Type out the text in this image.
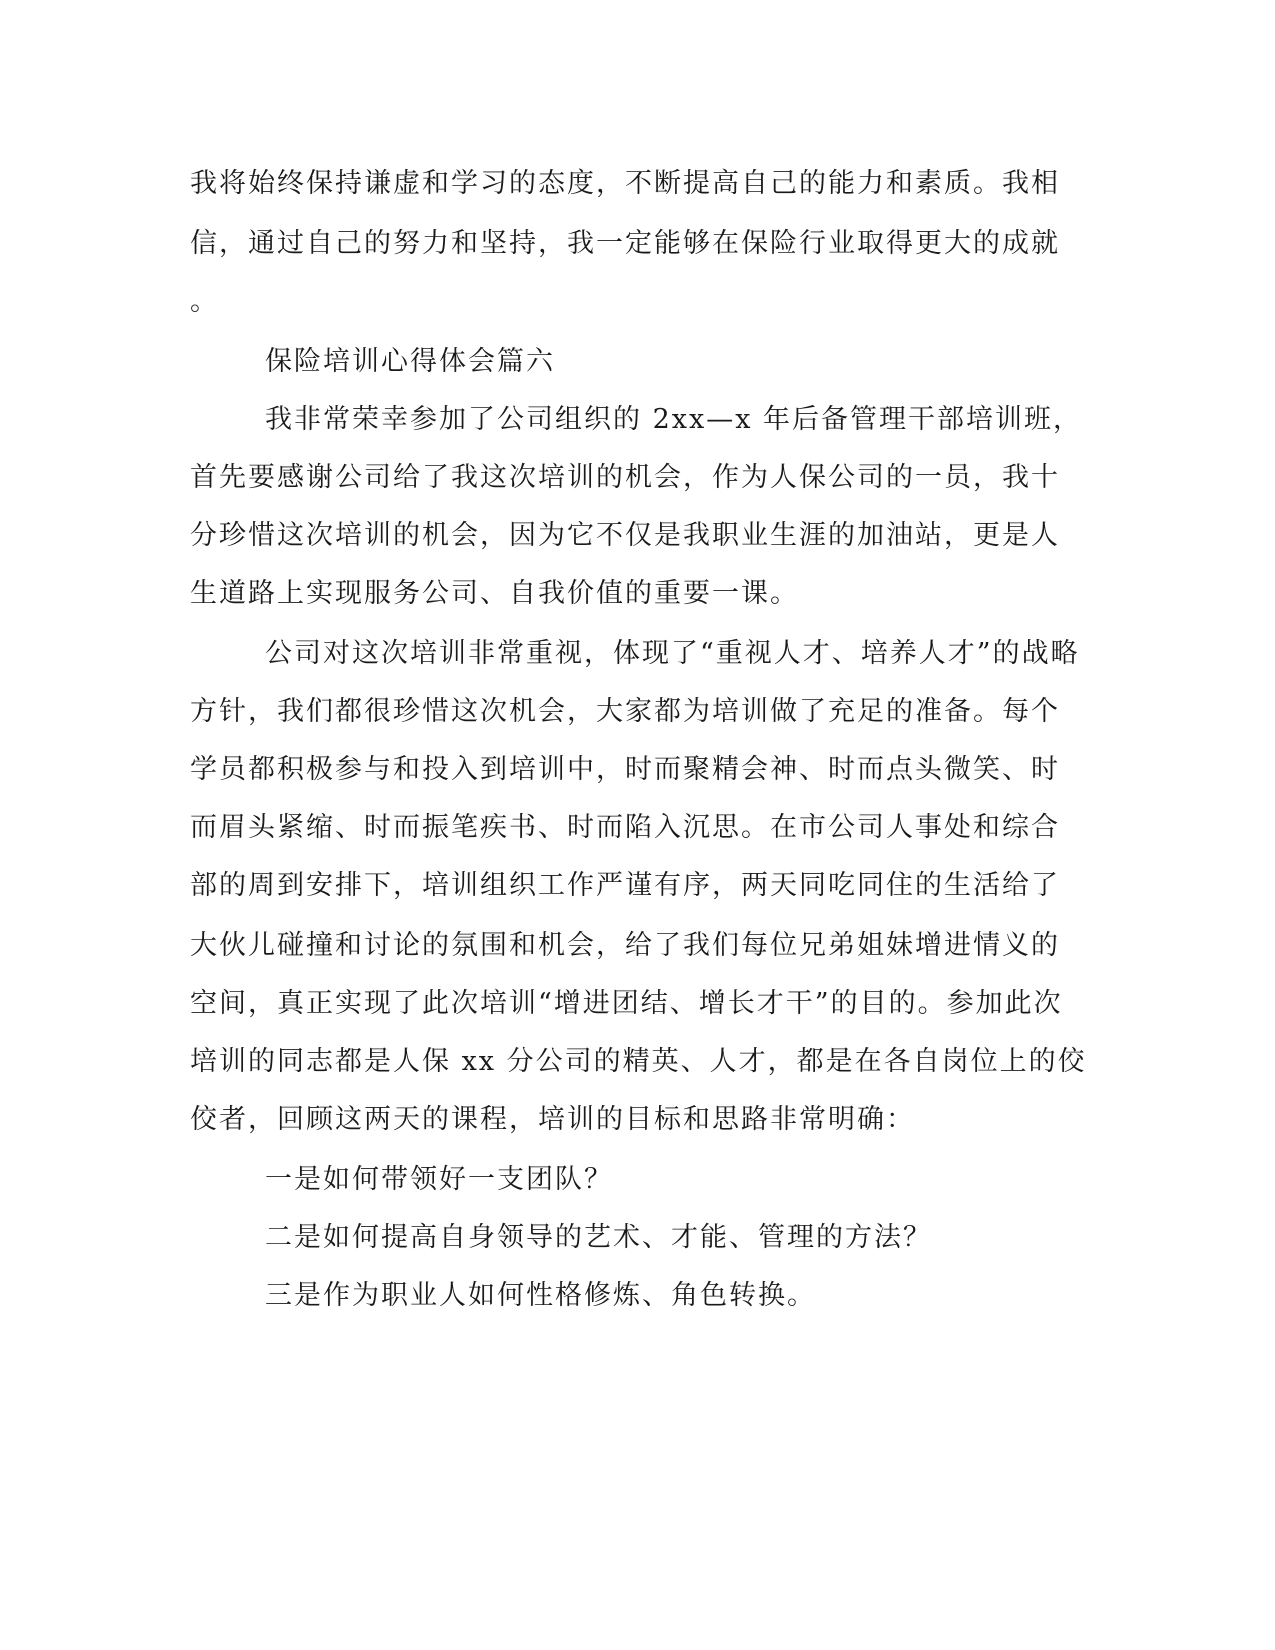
我将始终保持谦虚和学习的态度，不断提高自己的能力和素质。我相
信，通过自己的努力和坚持，我一定能够在保险行业取得更大的成就
。
保险培训心得体会篇六
我非常荣幸参加了公司组织的 2xx—x 年后备管理干部培训班，
首先要感谢公司给了我这次培训的机会，作为人保公司的一员，我十
分珍惜这次培训的机会，因为它不仅是我职业生涯的加油站，更是人
生道路上实现服务公司、自我价值的重要一课。
公司对这次培训非常重视，体现了“重视人才、培养人才”的战略
方针，我们都很珍惜这次机会，大家都为培训做了充足的准备。每个
学员都积极参与和投入到培训中，时而聚精会神、时而点头微笑、时
而眉头紧缩、时而振笔疾书、时而陷入沉思。在市公司人事处和综合
部的周到安排下，培训组织工作严谨有序，两天同吃同住的生活给了
大伙儿碰撞和讨论的氛围和机会，给了我们每位兄弟姐妹增进情义的
空间，真正实现了此次培训“增进团结、增长才干”的目的。参加此次
培训的同志都是人保 xx 分公司的精英、人才，都是在各自岗位上的佼
佼者，回顾这两天的课程，培训的目标和思路非常明确：
一是如何带领好一支团队？
二是如何提高自身领导的艺术、才能、管理的方法？
三是作为职业人如何性格修炼、角色转换。
